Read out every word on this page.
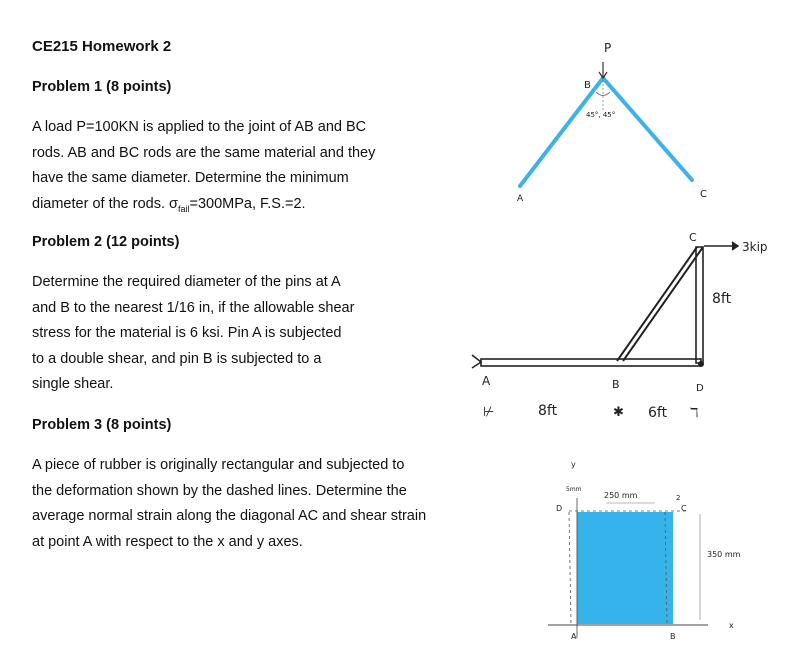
CE215 Homework 2
Problem 1 (8 points)
A load P=100KN is applied to the joint of AB and BC
rods. AB and BC rods are the same material and they
have the same diameter. Determine the minimum
diameter of the rods. $\sigma_{fail}=300MPa$, F.S.=2.
Problem 2 (12 points)
Determine the required diameter of the pins at A
and B to the nearest 1/16 in, if the allowable shear
stress for the material is 6 ksi. Pin A is subjected
to a double shear, and pin B is subjected to a
single shear.
Problem 3 (8 points)
A piece of rubber is originally rectangular and subjected to
the deformation shown by the dashed lines. Determine the
average normal strain along the diagonal AC and shear strain
at point A with respect to the x and y axes.
P
B
45°, 45°
A	C
C
3kip
8ft
A	B	D
⊬	8ft	✱ 6ft ℸ
y
5mm
250 mm	2
D	C
350 mm
A	B
x
